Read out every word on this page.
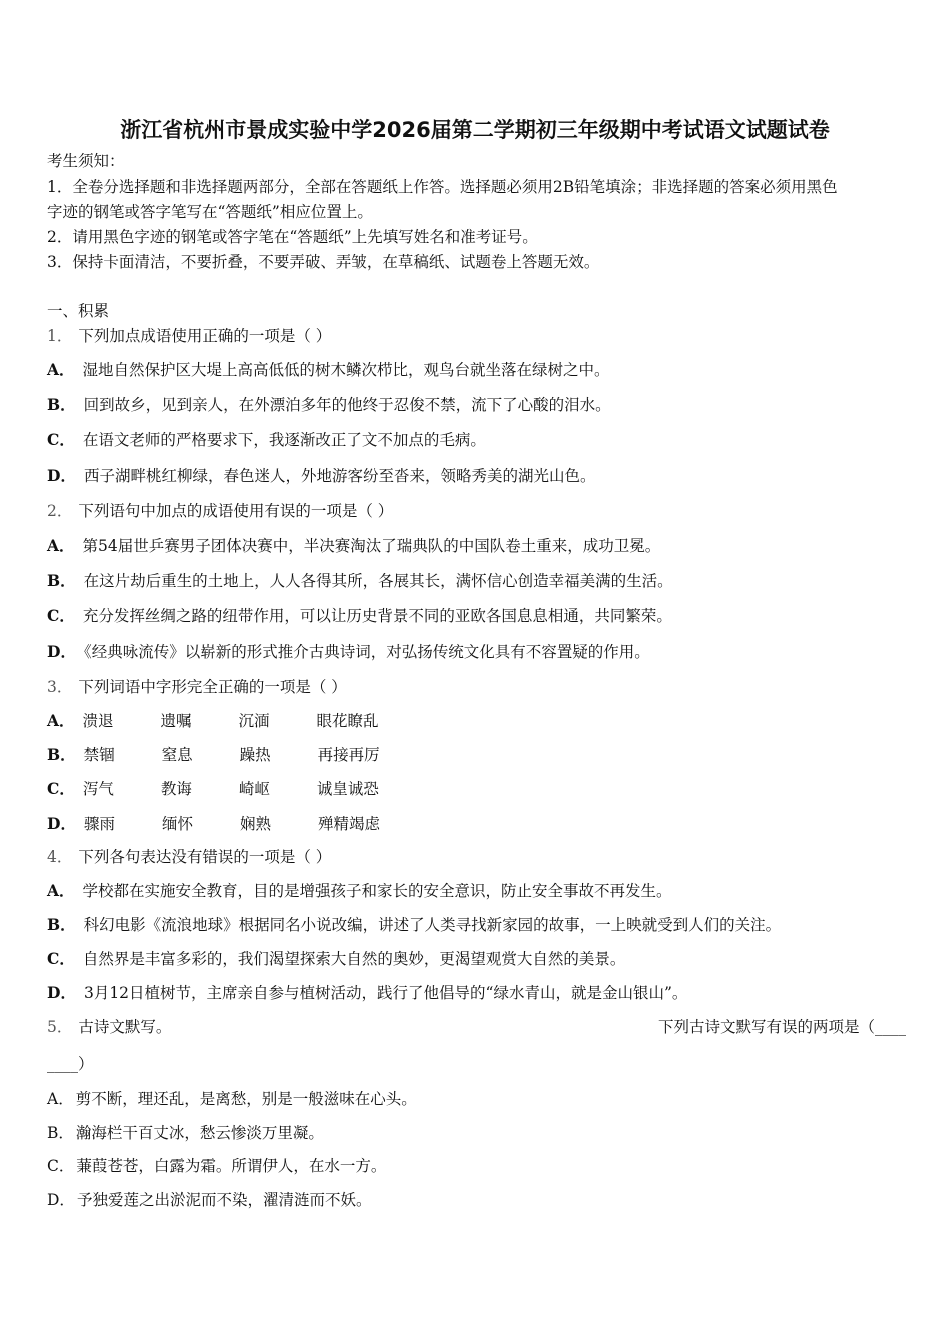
浙江省杭州市景成实验中学2026届第二学期初三年级期中考试语文试题试卷
考生须知：
1．全卷分选择题和非选择题两部分，全部在答题纸上作答。选择题必须用2B铅笔填涂；非选择题的答案必须用黑色
字迹的钢笔或答字笔写在“答题纸”相应位置上。
2．请用黑色字迹的钢笔或答字笔在“答题纸”上先填写姓名和准考证号。
3．保持卡面清洁，不要折叠，不要弄破、弄皱，在草稿纸、试题卷上答题无效。
一、积累
1． 下列加点成语使用正确的一项是（ ）
A． 湿地自然保护区大堤上高高低低的树木鳞次栉比，观鸟台就坐落在绿树之中。
B． 回到故乡，见到亲人，在外漂泊多年的他终于忍俊不禁，流下了心酸的泪水。
C． 在语文老师的严格要求下，我逐渐改正了文不加点的毛病。
D． 西子湖畔桃红柳绿，春色迷人，外地游客纷至沓来，领略秀美的湖光山色。
2． 下列语句中加点的成语使用有误的一项是（ ）
A． 第54届世乒赛男子团体决赛中，半决赛淘汰了瑞典队的中国队卷土重来，成功卫冕。
B． 在这片劫后重生的土地上，人人各得其所，各展其长，满怀信心创造幸福美满的生活。
C． 充分发挥丝绸之路的纽带作用，可以让历史背景不同的亚欧各国息息相通，共同繁荣。
D． 《经典咏流传》以崭新的形式推介古典诗词，对弘扬传统文化具有不容置疑的作用。
3． 下列词语中字形完全正确的一项是（ ）
A． 溃退	遗嘱	沉湎	眼花瞭乱
B． 禁锢	窒息	躁热	再接再厉
C． 泻气	教诲	崎岖	诚皇诚恐
D． 骤雨	缅怀	娴熟	殚精竭虑
4． 下列各句表达没有错误的一项是（ ）
A． 学校都在实施安全教育，目的是增强孩子和家长的安全意识，防止安全事故不再发生。
B． 科幻电影《流浪地球》根据同名小说改编，讲述了人类寻找新家园的故事，一上映就受到人们的关注。
C． 自然界是丰富多彩的，我们渴望探索大自然的奥妙，更渴望观赏大自然的美景。
D． 3月12日植树节，主席亲自参与植树活动，践行了他倡导的“绿水青山，就是金山银山”。
5． 古诗文默写。	下列古诗文默写有误的两项是（____
____）
A． 剪不断，理还乱，是离愁，别是一般滋味在心头。
B． 瀚海栏干百丈冰，愁云惨淡万里凝。
C． 蒹葭苍苍，白露为霜。所谓伊人，在水一方。
D． 予独爱莲之出淤泥而不染，濯清涟而不妖。
